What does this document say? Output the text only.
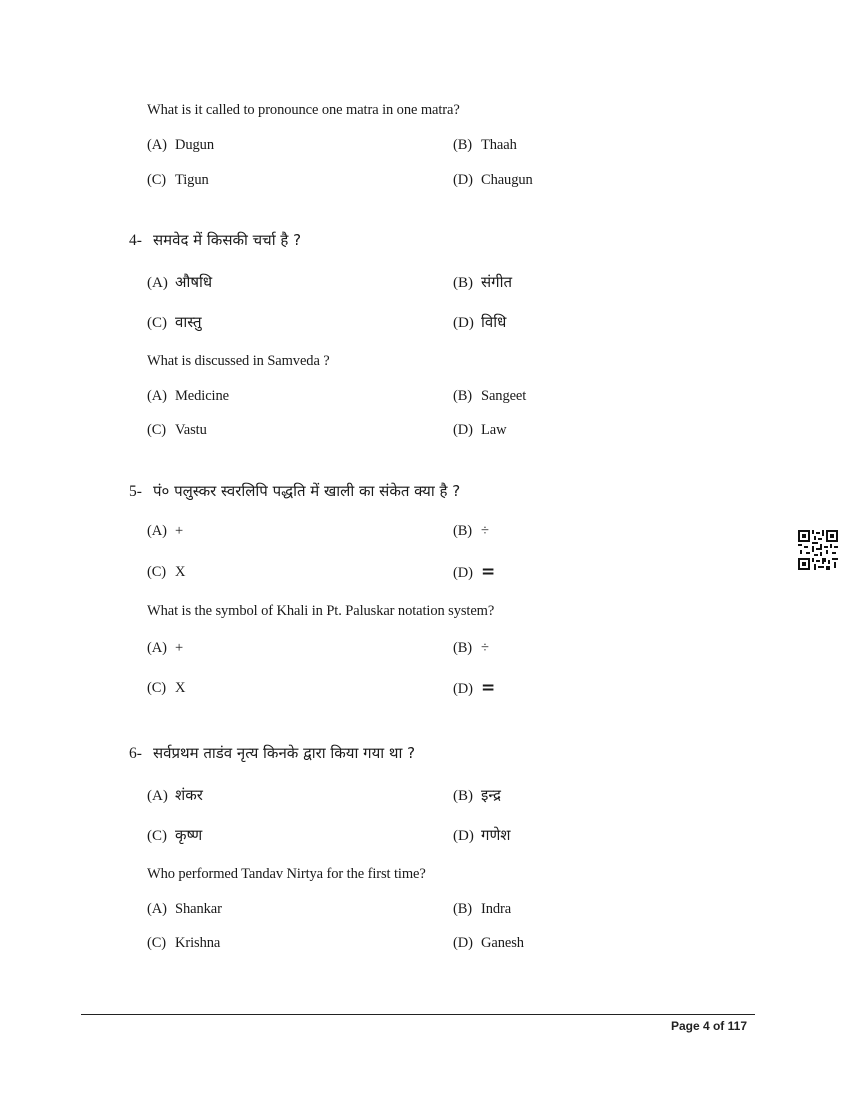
What is it called to pronounce one matra in one matra?
(A) Dugun	(B) Thaah
(C) Tigun	(D) Chaugun
4- समवेद में किसकी चर्चा है ?
(A) औषधि	(B) संगीत
(C) वास्तु	(D) विधि
What is discussed in Samveda ?
(A) Medicine	(B) Sangeet
(C) Vastu	(D) Law
5- पं० पलुस्कर स्वरलिपि पद्धति में खाली का संकेत क्या है ?
(A) +	(B) ÷
(C) X	(D) =
What is the symbol of Khali in Pt. Paluskar notation system?
(A) +	(B) ÷
(C) X	(D) =
6- सर्वप्रथम ताडंव नृत्य किनके द्वारा किया गया था ?
(A) शंकर	(B) इन्द्र
(C) कृष्ण	(D) गणेश
Who performed Tandav Nirtya for the first time?
(A) Shankar	(B) Indra
(C) Krishna	(D) Ganesh
Page 4 of 117
